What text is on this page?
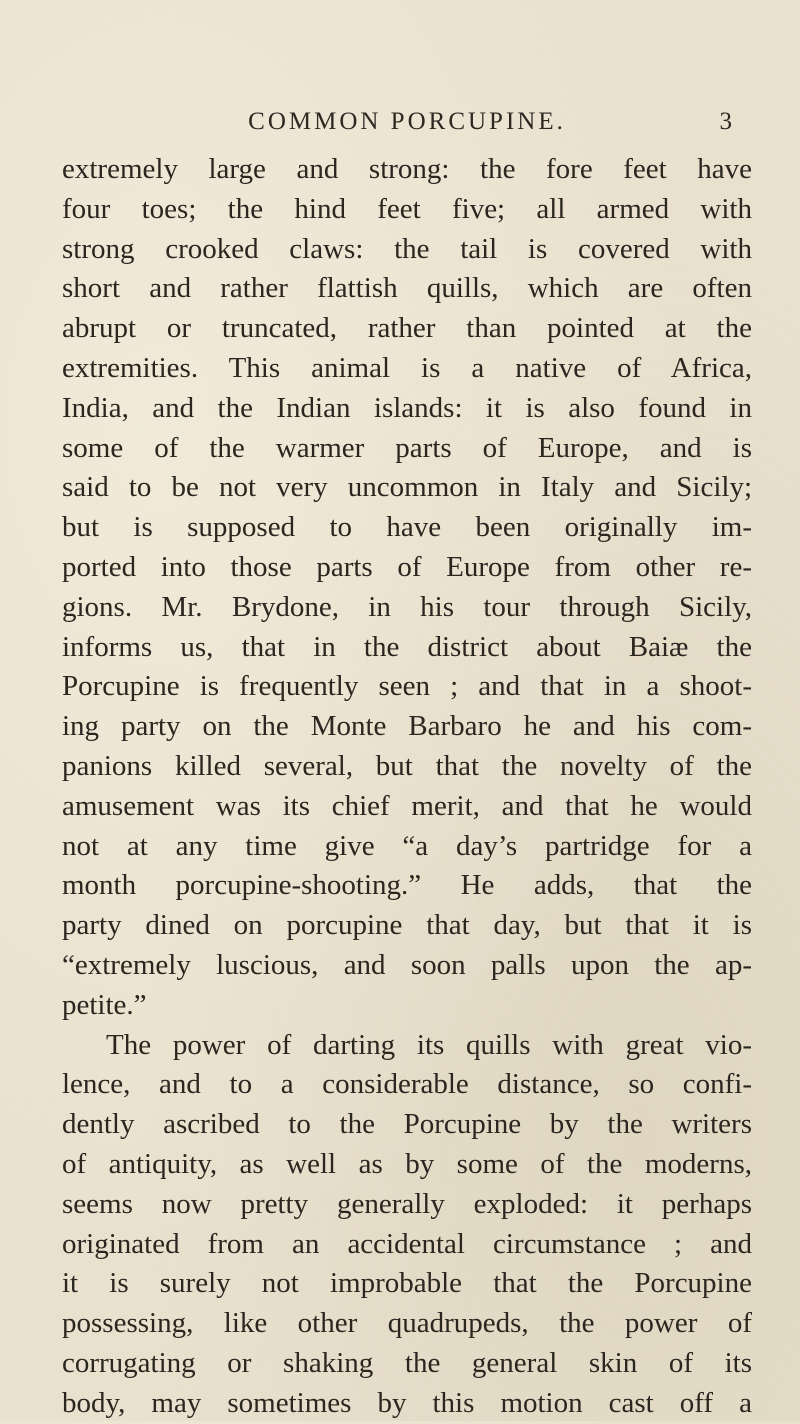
COMMON PORCUPINE.	3
extremely large and strong: the fore feet have
four toes; the hind feet five; all armed with
strong crooked claws: the tail is covered with
short and rather flattish quills, which are often
abrupt or truncated, rather than pointed at the
extremities. This animal is a native of Africa,
India, and the Indian islands: it is also found in
some of the warmer parts of Europe, and is
said to be not very uncommon in Italy and Sicily;
but is supposed to have been originally im-
ported into those parts of Europe from other re-
gions. Mr. Brydone, in his tour through Sicily,
informs us, that in the district about Baiæ the
Porcupine is frequently seen ; and that in a shoot-
ing party on the Monte Barbaro he and his com-
panions killed several, but that the novelty of the
amusement was its chief merit, and that he would
not at any time give “a day’s partridge for a
month porcupine-shooting.” He adds, that the
party dined on porcupine that day, but that it is
“extremely luscious, and soon palls upon the ap-
petite.”
The power of darting its quills with great vio-
lence, and to a considerable distance, so confi-
dently ascribed to the Porcupine by the writers
of antiquity, as well as by some of the moderns,
seems now pretty generally exploded: it perhaps
originated from an accidental circumstance ; and
it is surely not improbable that the Porcupine
possessing, like other quadrupeds, the power of
corrugating or shaking the general skin of its
body, may sometimes by this motion cast off a
